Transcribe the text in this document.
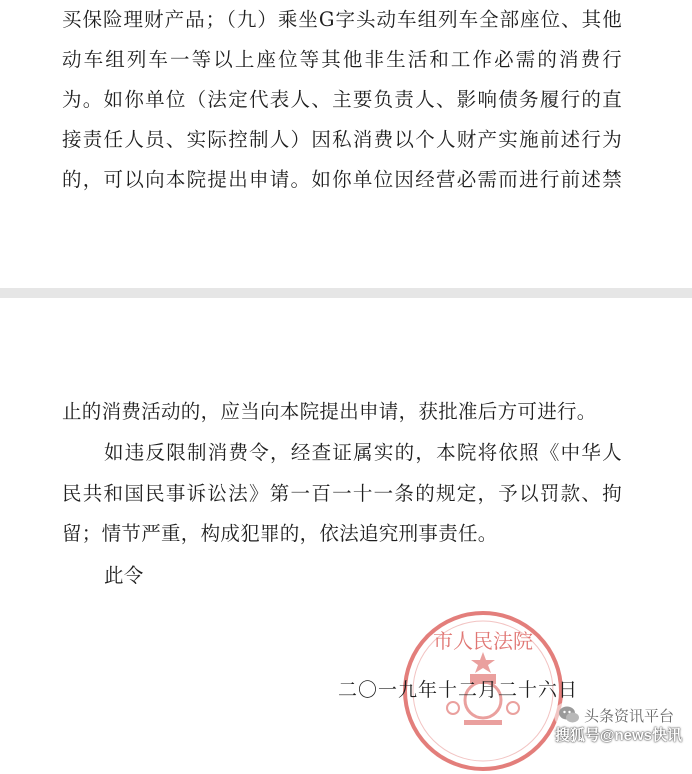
买保险理财产品；（九）乘坐G字头动车组列车全部座位、其他
动车组列车一等以上座位等其他非生活和工作必需的消费行
为。如你单位（法定代表人、主要负责人、影响债务履行的直
接责任人员、实际控制人）因私消费以个人财产实施前述行为
的，可以向本院提出申请。如你单位因经营必需而进行前述禁
止的消费活动的，应当向本院提出申请，获批准后方可进行。
如违反限制消费令，经查证属实的，本院将依照《中华人
民共和国民事诉讼法》第一百一十一条的规定，予以罚款、拘
留；情节严重，构成犯罪的，依法追究刑事责任。
此令
市人民法院
二〇一九年十二月二十六日
头条资讯平台
搜狐号@news快讯
